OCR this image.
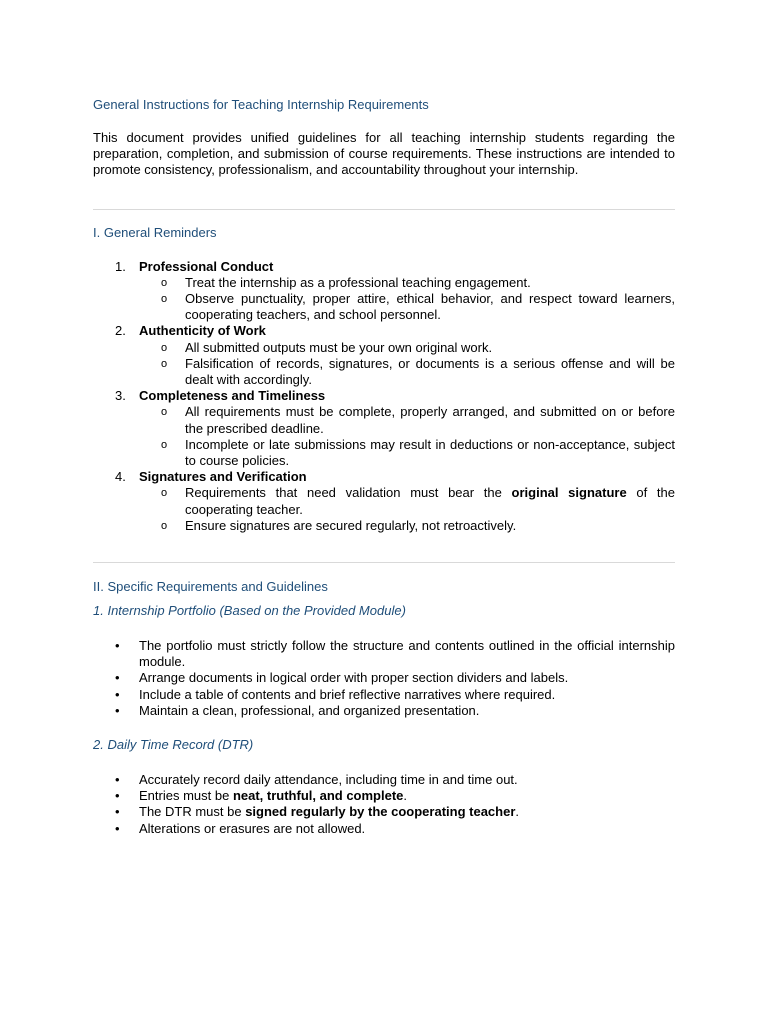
General Instructions for Teaching Internship Requirements

This document provides unified guidelines for all teaching internship students regarding the preparation, completion, and submission of course requirements. These instructions are intended to promote consistency, professionalism, and accountability throughout your internship.

I. General Reminders
1. Professional Conduct
o Treat the internship as a professional teaching engagement.
o Observe punctuality, proper attire, ethical behavior, and respect toward learners, cooperating teachers, and school personnel.
2. Authenticity of Work
o All submitted outputs must be your own original work.
o Falsification of records, signatures, or documents is a serious offense and will be dealt with accordingly.
3. Completeness and Timeliness
o All requirements must be complete, properly arranged, and submitted on or before the prescribed deadline.
o Incomplete or late submissions may result in deductions or non-acceptance, subject to course policies.
4. Signatures and Verification
o Requirements that need validation must bear the original signature of the cooperating teacher.
o Ensure signatures are secured regularly, not retroactively.
II. Specific Requirements and Guidelines
1. Internship Portfolio (Based on the Provided Module)
• The portfolio must strictly follow the structure and contents outlined in the official internship module.
• Arrange documents in logical order with proper section dividers and labels.
• Include a table of contents and brief reflective narratives where required.
• Maintain a clean, professional, and organized presentation.
2. Daily Time Record (DTR)
• Accurately record daily attendance, including time in and time out.
• Entries must be neat, truthful, and complete.
• The DTR must be signed regularly by the cooperating teacher.
• Alterations or erasures are not allowed.
